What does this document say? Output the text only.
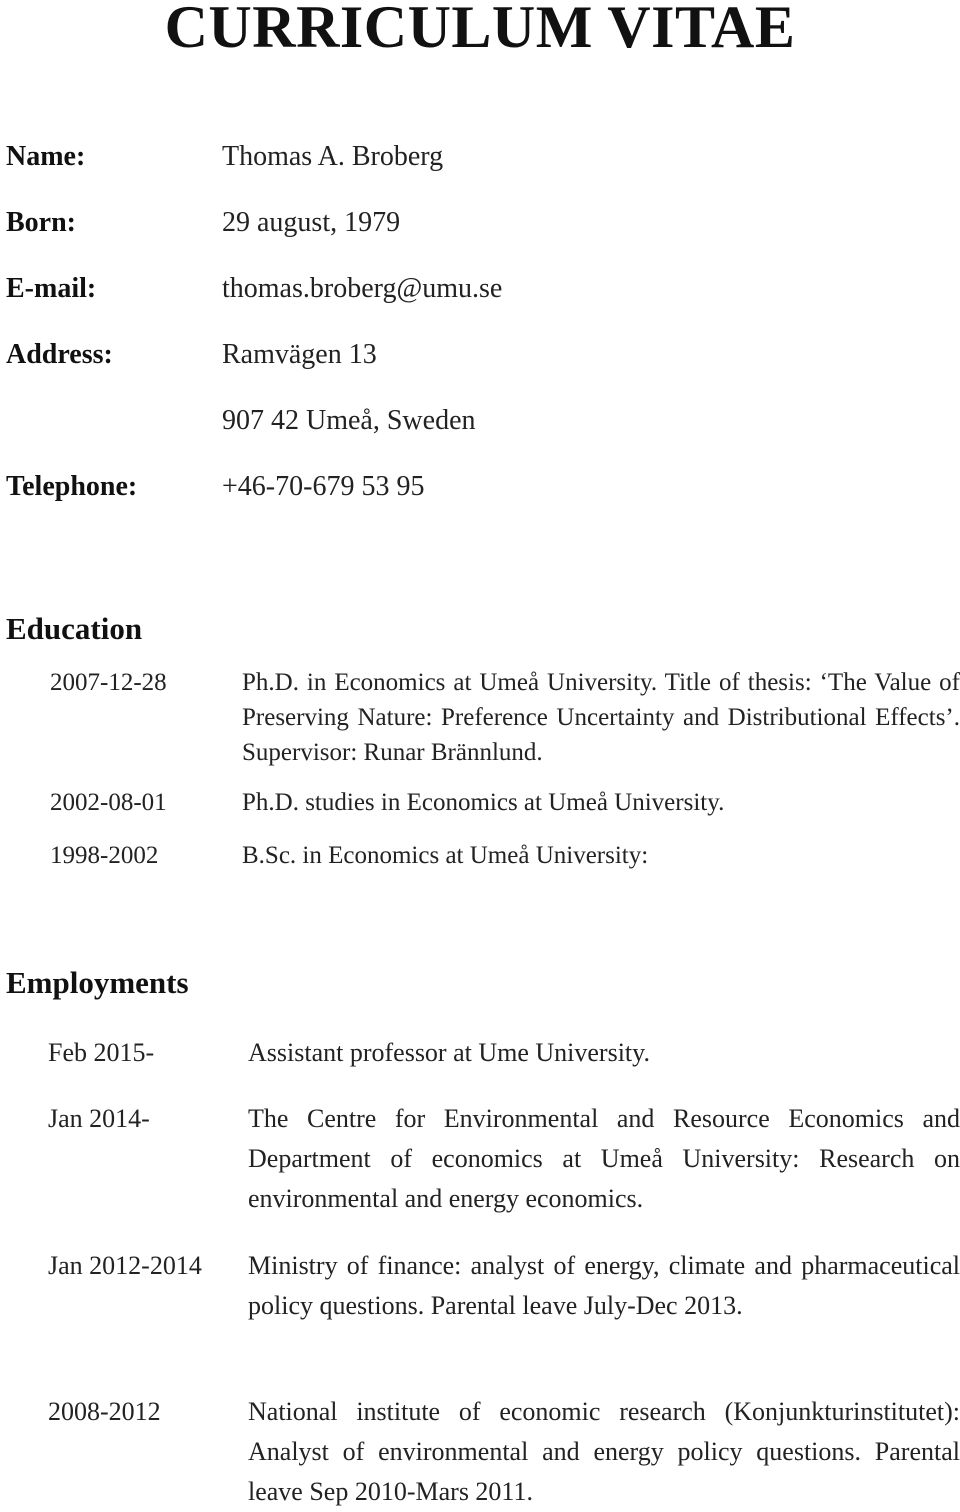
CURRICULUM VITAE
Name:	Thomas A. Broberg
Born:	29 august, 1979
E-mail:	thomas.broberg@umu.se
Address:	Ramvägen 13
907 42 Umeå, Sweden
Telephone:	+46-70-679 53 95
Education
2007-12-28	Ph.D. in Economics at Umeå University. Title of thesis: ‘The Value of Preserving Nature: Preference Uncertainty and Distributional Effects’. Supervisor: Runar Brännlund.

2002-08-01	Ph.D. studies in Economics at Umeå University.

1998-2002	B.Sc. in Economics at Umeå University:

Employments
Feb 2015-	Assistant professor at Ume University.

Jan 2014-	The Centre for Environmental and Resource Economics and Department of economics at Umeå University: Research on environmental and energy economics.

Jan 2012-2014 Ministry of finance: analyst of energy, climate and pharmaceutical policy questions. Parental leave July-Dec 2013.

2008-2012	National institute of economic research (Konjunkturinstitutet): Analyst of environmental and energy policy questions. Parental leave Sep 2010-Mars 2011.
